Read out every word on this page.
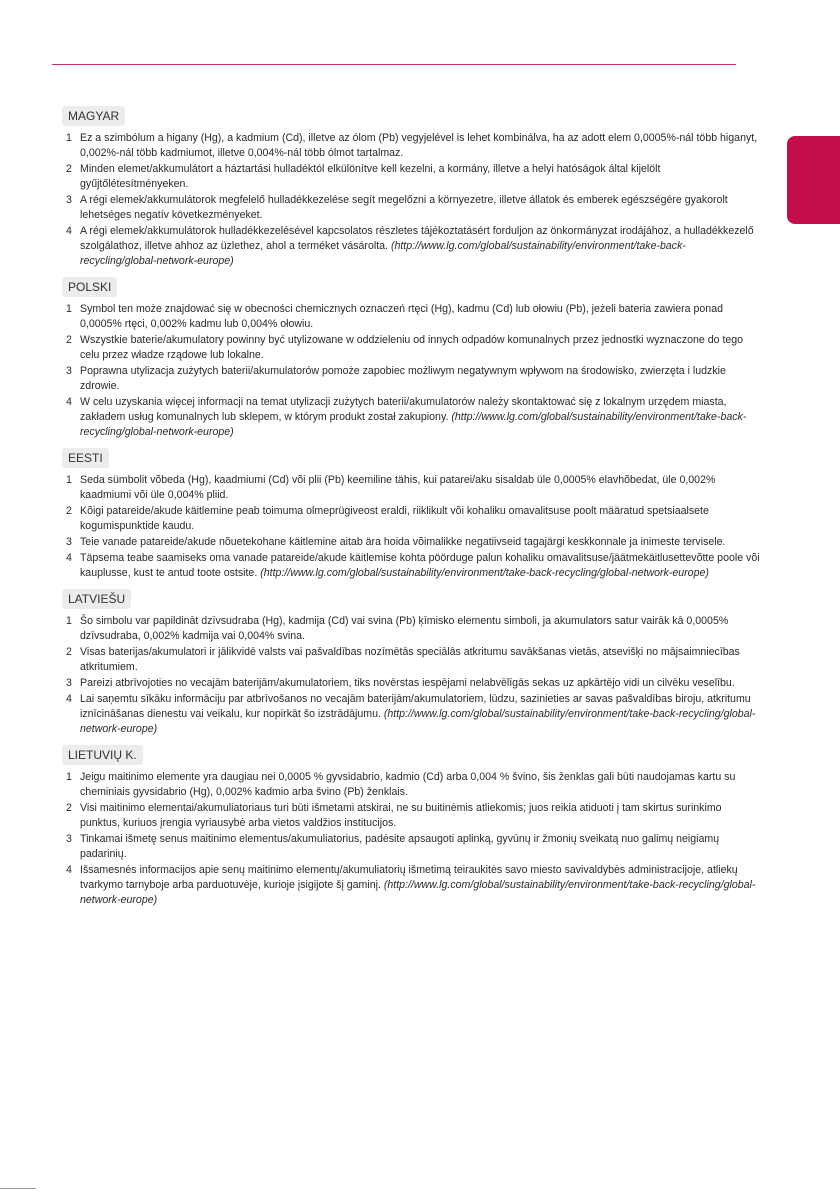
MAGYAR
1 Ez a szimbólum a higany (Hg), a kadmium (Cd), illetve az ólom (Pb) vegyjelével is lehet kombinálva, ha az adott elem 0,0005%-nál több higanyt, 0,002%-nál több kadmiumot, illetve 0,004%-nál több ólmot tartalmaz.
2 Minden elemet/akkumulátort a háztartási hulladéktól elkülönítve kell kezelni, a kormány, illetve a helyi hatóságok által kijelölt gyűjtőlétesítményeken.
3 A régi elemek/akkumulátorok megfelelő hulladékkezelése segít megelőzni a környezetre, illetve állatok és emberek egészségére gyakorolt lehetséges negatív következményeket.
4 A régi elemek/akkumulátorok hulladékkezelésével kapcsolatos részletes tájékoztatásért forduljon az önkormányzat irodájához, a hulladékkezelő szolgálathoz, illetve ahhoz az üzlethez, ahol a terméket vásárolta. (http://www.lg.com/global/sustainability/environment/take-back-recycling/global-network-europe)
POLSKI
1 Symbol ten może znajdować się w obecności chemicznych oznaczeń rtęci (Hg), kadmu (Cd) lub ołowiu (Pb), jeżeli bateria zawiera ponad 0,0005% rtęci, 0,002% kadmu lub 0,004% ołowiu.
2 Wszystkie baterie/akumulatory powinny być utylizowane w oddzieleniu od innych odpadów komunalnych przez jednostki wyznaczone do tego celu przez władze rządowe lub lokalne.
3 Poprawna utylizacja zużytych baterii/akumulatorów pomoże zapobiec możliwym negatywnym wpływom na środowisko, zwierzęta i ludzkie zdrowie.
4 W celu uzyskania więcej informacji na temat utylizacji zużytych baterii/akumulatorów należy skontaktować się z lokalnym urzędem miasta, zakładem usług komunalnych lub sklepem, w którym produkt został zakupiony. (http://www.lg.com/global/sustainability/environment/take-back-recycling/global-network-europe)
EESTI
1 Seda sümbolit võbeda (Hg), kaadmiumi (Cd) või plii (Pb) keemiline tähis, kui patarei/aku sisaldab üle 0,0005% elavhõbedat, üle 0,002% kaadmiumi või üle 0,004% pliid.
2 Kõigi patareide/akude käitlemine peab toimuma olmeprügiveost eraldi, riiklikult või kohaliku omavalitsuse poolt määratud spetsiaalsete kogumispunktide kaudu.
3 Teie vanade patareide/akude nõuetekohane käitlemine aitab ära hoida võimalikke negatiivseid tagajärgi keskkonnale ja inimeste tervisele.
4 Täpsema teabe saamiseks oma vanade patareide/akude käitlemise kohta pöörduge palun kohaliku omavalitsuse/jäätmekäitlusettevõtte poole või kauplusse, kust te antud toote ostsite. (http://www.lg.com/global/sustainability/environment/take-back-recycling/global-network-europe)
LATVIEŠU
1 Šo simbolu var papildināt dzīvsudraba (Hg), kadmija (Cd) vai svina (Pb) ķīmisko elementu simboli, ja akumulators satur vairāk kā 0,0005% dzīvsudraba, 0,002% kadmija vai 0,004% svina.
2 Visas baterijas/akumulatori ir jālikvidē valsts vai pašvaldības nozīmētās speciālās atkritumu savākšanas vietās, atsevišķi no mājsaimniecības atkritumiem.
3 Pareizi atbrīvojoties no vecajām baterijām/akumulatoriem, tiks novērstas iespējami nelabvēlīgās sekas uz apkārtējo vidi un cilvēku veselību.
4 Lai saņemtu sīkāku informāciju par atbrīvošanos no vecajām baterijām/akumulatoriem, lūdzu, sazinieties ar savas pašvaldības biroju, atkritumu iznīcināšanas dienestu vai veikalu, kur nopirkāt šo izstrādājumu. (http://www.lg.com/global/sustainability/environment/take-back-recycling/global-network-europe)
LIETUVIŲ K.
1 Jeigu maitinimo elemente yra daugiau nei 0,0005 % gyvsidabrio, kadmio (Cd) arba 0,004 % švino, šis ženklas gali būti naudojamas kartu su cheminiais gyvsidabrio (Hg), 0,002% kadmio arba švino (Pb) ženklais.
2 Visi maitinimo elementai/akumuliatoriaus turi būti išmetami atskirai, ne su buitinėmis atliekomis; juos reikia atiduoti į tam skirtus surinkimo punktus, kuriuos įrengia vyriausybė arba vietos valdžios institucijos.
3 Tinkamai išmetę senus maitinimo elementus/akumuliatorius, padėsite apsaugoti aplinką, gyvūnų ir žmonių sveikatą nuo galimų neigiamų padarinių.
4 Išsamesnės informacijos apie senų maitinimo elementų/akumuliatorių išmetimą teiraukitės savo miesto savivaldybės administracijoje, atliekų tvarkymo tarnyboje arba parduotuvėje, kurioje įsigijote šį gaminį. (http://www.lg.com/global/sustainability/environment/take-back-recycling/global-network-europe)
